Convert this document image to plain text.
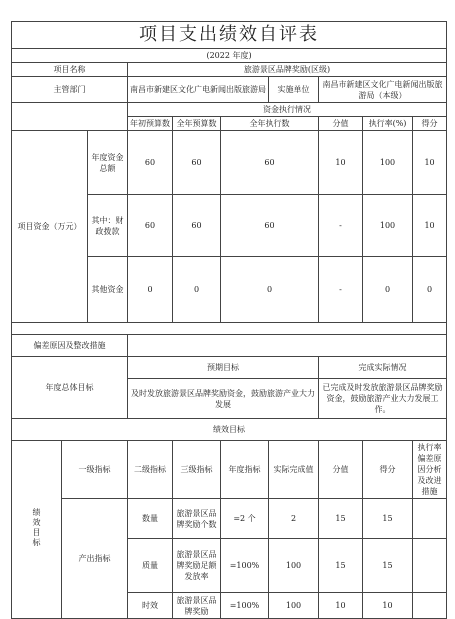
项目支出绩效自评表									
(2022 年度)									
项目名称			旅游景区品牌奖励(区级)						
主管部门			南昌市新建区文化广电新闻出版旅游局			实施单位	南昌市新建区文化广电新闻出版旅游局（本级）		
			资金执行情况						
			年初预算数	全年预算数	全年执行数		分值	执行率(%)	得分
项目资金（万元）		年度资金总额	60	60	60		10	100	10
		其中：财政拨款	60	60	60		-	100	10
		其他资金	0	0	0		-	0	0

偏差原因及整改措施									
年度总体目标			预期目标				完成实际情况		
			及时发放旅游景区品牌奖励资金，鼓励旅游产业大力发展				已完成及时发放旅游景区品牌奖励资金，鼓励旅游产业大力发展工作。		
绩效目标									
绩效目标	一级指标		二级指标	三级指标	年度指标	实际完成值	分值	得分	执行率偏差原因分析及改进措施
	产出指标		数量	旅游景区品牌奖励个数	=2 个	2	15	15	
			质量	旅游景区品牌奖励足额发放率	=100%	100	15	15	
			时效	旅游景区品牌奖励	=100%	100	10	10	
